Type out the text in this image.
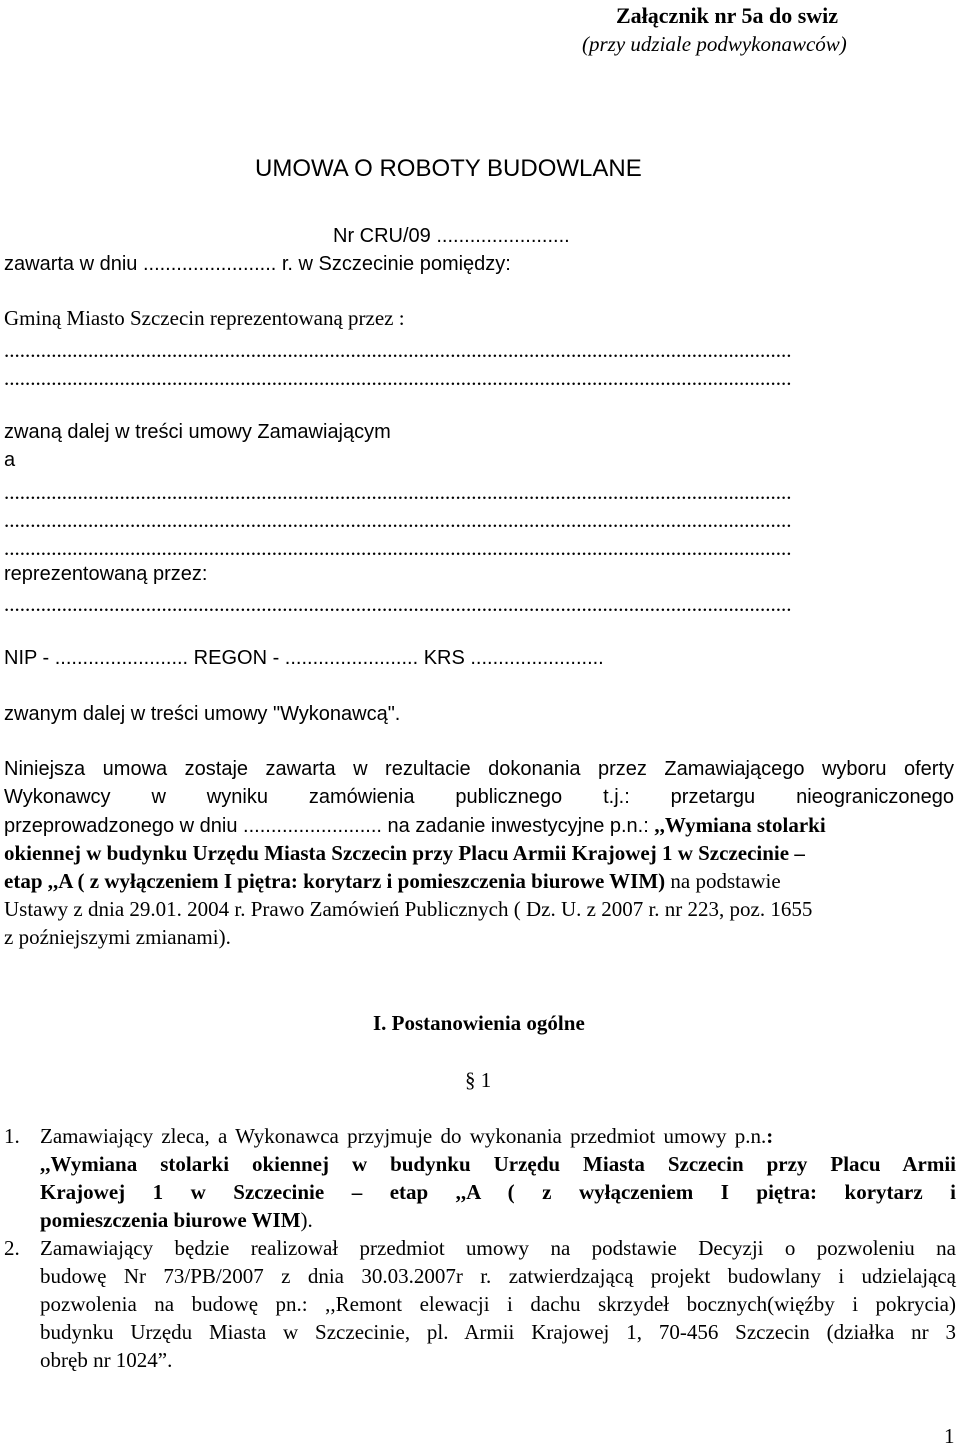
Załącznik nr 5a do swiz
(przy udziale podwykonawców)
UMOWA O ROBOTY BUDOWLANE
Nr CRU/09 ........................
zawarta w dniu ........................ r. w Szczecinie pomiędzy:
Gminą Miasto Szczecin reprezentowaną przez :
......................................................................................................................................................
......................................................................................................................................................
zwaną dalej w treści umowy Zamawiającym
a
......................................................................................................................................................
......................................................................................................................................................
......................................................................................................................................................
reprezentowaną przez:
......................................................................................................................................................
NIP - ........................ REGON - ........................ KRS ........................
zwanym dalej w treści umowy "Wykonawcą".
Niniejsza umowa zostaje zawarta w rezultacie dokonania przez Zamawiającego wyboru oferty
Wykonawcy w wyniku zamówienia publicznego t.j.: przetargu nieograniczonego
przeprowadzonego w dniu ......................... na zadanie inwestycyjne p.n.: ,,Wymiana stolarki
okiennej w budynku Urzędu Miasta Szczecin przy Placu Armii Krajowej 1 w Szczecinie –
etap ,,A ( z wyłączeniem I piętra: korytarz i pomieszczenia biurowe WIM) na podstawie
Ustawy z dnia 29.01. 2004 r. Prawo Zamówień Publicznych ( Dz. U. z 2007 r. nr 223, poz. 1655
z poźniejszymi zmianami).
I. Postanowienia ogólne
§ 1
1. Zamawiający zleca, a Wykonawca przyjmuje do wykonania przedmiot umowy p.n.:
,,Wymiana stolarki okiennej w budynku Urzędu Miasta Szczecin przy Placu Armii
Krajowej 1 w Szczecinie – etap ,,A ( z wyłączeniem I piętra: korytarz i
pomieszczenia biurowe WIM).
2. Zamawiający będzie realizował przedmiot umowy na podstawie Decyzji o pozwoleniu na
budowę Nr 73/PB/2007 z dnia 30.03.2007r r. zatwierdzającą projekt budowlany i udzielającą
pozwolenia na budowę pn.: ,,Remont elewacji i dachu skrzydeł bocznych(więźby i pokrycia)
budynku Urzędu Miasta w Szczecinie, pl. Armii Krajowej 1, 70-456 Szczecin (działka nr 3
obręb nr 1024”.
1
